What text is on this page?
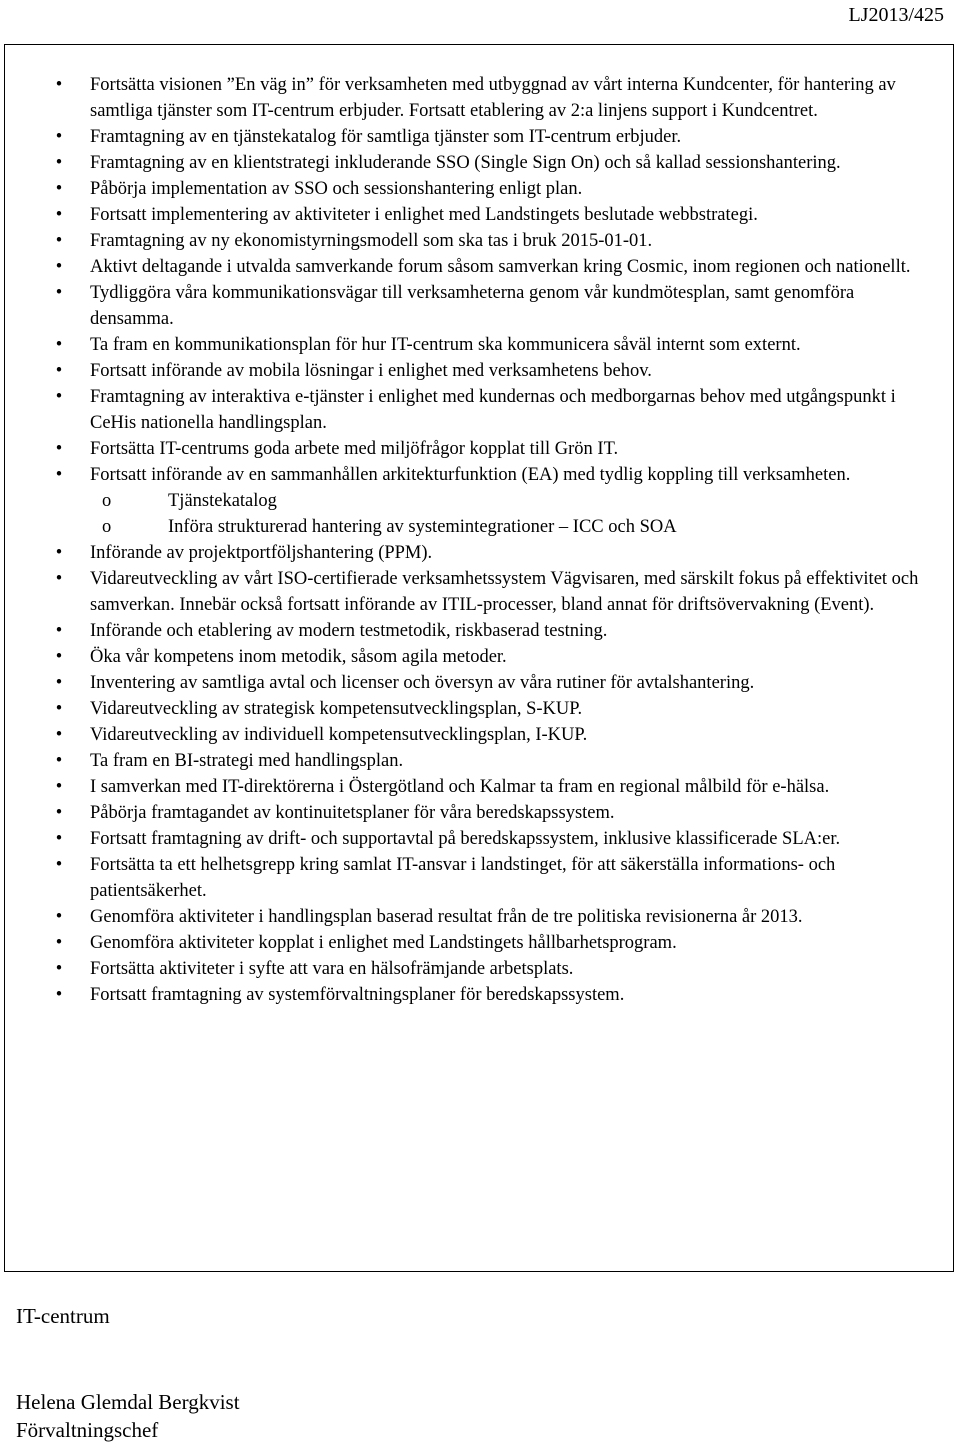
LJ2013/425
• Fortsätta visionen ”En väg in” för verksamheten med utbyggnad av vårt interna Kundcenter, för hantering av samtliga tjänster som IT-centrum erbjuder. Fortsatt etablering av 2:a linjens support i Kundcentret.
• Framtagning av en tjänstekatalog för samtliga tjänster som IT-centrum erbjuder.
• Framtagning av en klientstrategi inkluderande SSO (Single Sign On) och så kallad sessionshantering.
• Påbörja implementation av SSO och sessionshantering enligt plan.
• Fortsatt implementering av aktiviteter i enlighet med Landstingets beslutade webbstrategi.
• Framtagning av ny ekonomistyrningsmodell som ska tas i bruk 2015-01-01.
• Aktivt deltagande i utvalda samverkande forum såsom samverkan kring Cosmic, inom regionen och nationellt.
• Tydliggöra våra kommunikationsvägar till verksamheterna genom vår kundmötesplan, samt genomföra densamma.
• Ta fram en kommunikationsplan för hur IT-centrum ska kommunicera såväl internt som externt.
• Fortsatt införande av mobila lösningar i enlighet med verksamhetens behov.
• Framtagning av interaktiva e-tjänster i enlighet med kundernas och medborgarnas behov med utgångspunkt i CeHis nationella handlingsplan.
• Fortsätta IT-centrums goda arbete med miljöfrågor kopplat till Grön IT.
• Fortsatt införande av en sammanhållen arkitekturfunktion (EA) med tydlig koppling till verksamheten.
o	Tjänstekatalog
o	Införa strukturerad hantering av systemintegrationer – ICC och SOA
• Införande av projektportföljshantering (PPM).
• Vidareutveckling av vårt ISO-certifierade verksamhetssystem Vägvisaren, med särskilt fokus på effektivitet och samverkan. Innebär också fortsatt införande av ITIL-processer, bland annat för driftsövervakning (Event).
• Införande och etablering av modern testmetodik, riskbaserad testning.
• Öka vår kompetens inom metodik, såsom agila metoder.
• Inventering av samtliga avtal och licenser och översyn av våra rutiner för avtalshantering.
• Vidareutveckling av strategisk kompetensutvecklingsplan, S-KUP.
• Vidareutveckling av individuell kompetensutvecklingsplan, I-KUP.
• Ta fram en BI-strategi med handlingsplan.
• I samverkan med IT-direktörerna i Östergötland och Kalmar ta fram en regional målbild för e-hälsa.
• Påbörja framtagandet av kontinuitetsplaner för våra beredskapssystem.
• Fortsatt framtagning av drift- och supportavtal på beredskapssystem, inklusive klassificerade SLA:er.
• Fortsätta ta ett helhetsgrepp kring samlat IT-ansvar i landstinget, för att säkerställa informations- och patientsäkerhet.
• Genomföra aktiviteter i handlingsplan baserad resultat från de tre politiska revisionerna år 2013.
• Genomföra aktiviteter kopplat i enlighet med Landstingets hållbarhetsprogram.
• Fortsätta aktiviteter i syfte att vara en hälsofrämjande arbetsplats.
• Fortsatt framtagning av systemförvaltningsplaner för beredskapssystem.
IT-centrum
Helena Glemdal Bergkvist
Förvaltningschef
